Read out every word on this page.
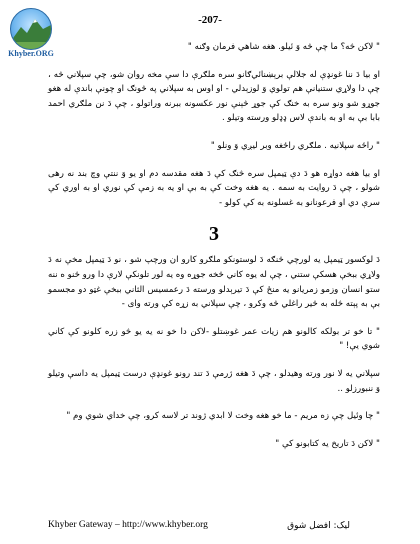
Khyber.ORG
-207-

" لاکن څه؟ ما چې څه وَ ئیلو. هغه شاهي فرمان وګنه "

او بیا دَ ننا غونډې له جلالې برېښنائي‌ګانو سره ملګرې دا سې مخه روان شو، چې سپلاني څه ، چې دا ولاړي ستنيانې هم تولوي وَ لوزېدلي - او اوس به سپلاني په څونګ او چونې باندې له هغو جوړو شو ونو سره به خنګ کې جوړ څېنې نور عکسونه ببرنه وراتولو ، چې دَ نن ملګري احمد بابا بې به او به باندې لاس ډډلو ورسته وتیلو .

" راځه سپلانیه . ملګري راځغه وبر لیږي وَ ونلو "

او بیا هغه دواړه هو دَ دې ټیمپل سره څنګ کې دَ هغه مقدسه دم او یو وَ ننتې وچ بند نه رهی شولو ، چې دَ روایت به سمه . یه هغه وخت کې به بې او یه به زمې کې نوري او به اوري کې سرې دي او فرعونانو به غسلونه به کې کولو -

3

دَ لوکسور ټیمپل یه لورچي څنګه دَ لوستونکو ملګرو کارو ان ورچپ شو ، نو دَ ټیمپل مخې نه دَ ولاړي ببخې هسکې ستني ، چې له یوه کاني څخه جوړه وه یه لور تلونکې لارې دا ورو څنو ه ننه ستو انسان وزمو زمریانو یه منځ کې دَ تیرېدلو ورسته دَ رعمسیس الثاني ببخې غټو دو مجسمو بې به پېته څله به څیر راغلي څه وکرو ، چې سپلاني به زړه کې ورته وای -

" تا خو تر بولکه کالونو هم زیات عمر غوښتلو -لاکن دا خو نه یه یو څو زره کلونو کې کاني شوي یې! "

سپلاني یه لا نور ورته وهیدلو ، چې دَ هغه ژرمې دَ تند رونو غونډې درست ټیمپل یه داسې وتیلو وَ ننبورزلو ..

" چا وئیل چې زه مریم - ما خو هغه وخت لا ابدي ژوند تر لاسه کرو، چې خداي شوي وم "

" لاکن دَ تاریخ یه کتابونو کې "

Khyber Gateway – http://www.khyber.org	لیک: افضل شوق
